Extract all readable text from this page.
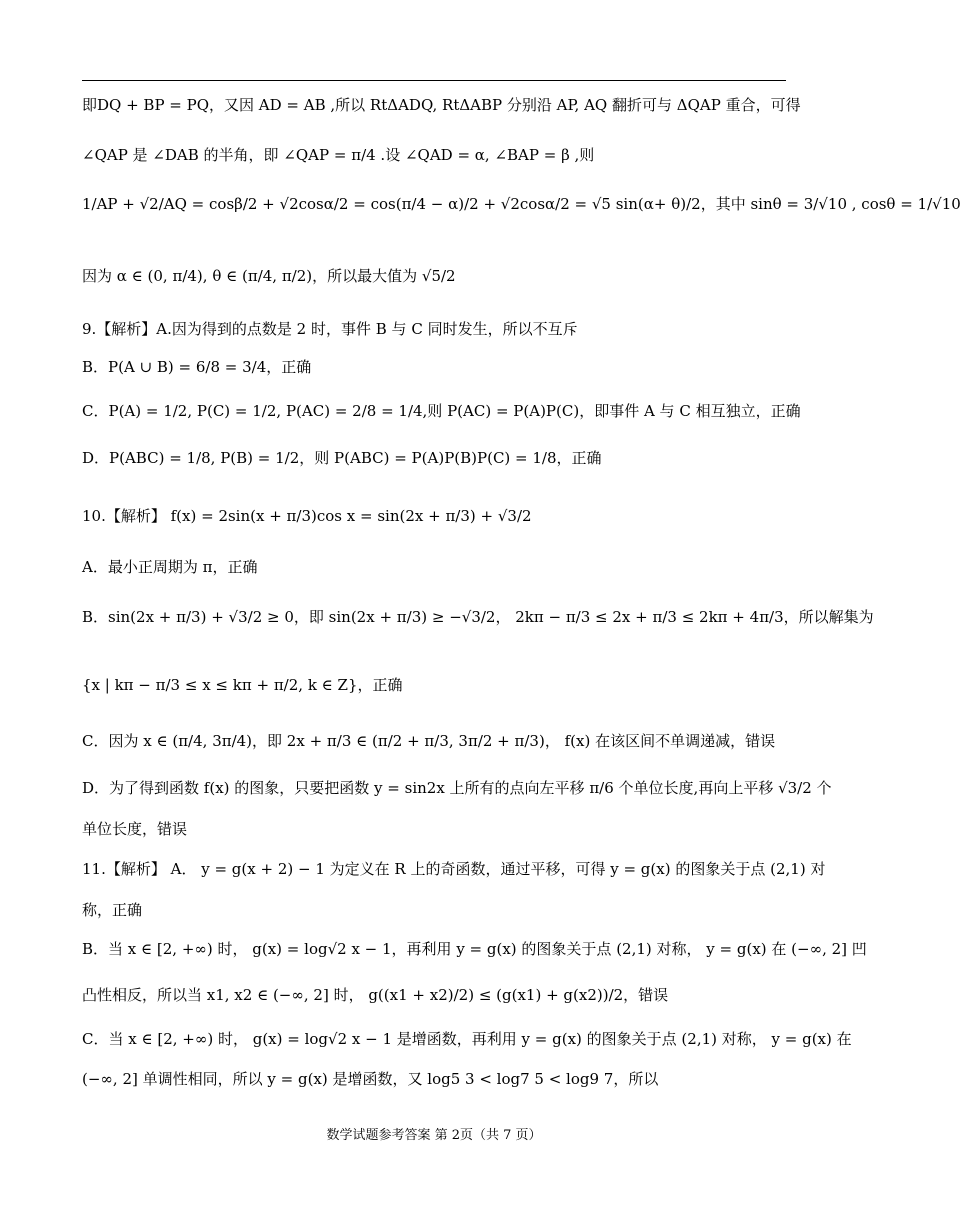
即DQ + BP = PQ，又因 AD = AB ,所以 RtΔADQ, RtΔABP 分别沿 AP, AQ 翻折可与 ΔQAP 重合，可得
∠QAP 是 ∠DAB 的半角，即 ∠QAP = π/4 .设 ∠QAD = α, ∠BAP = β ,则
1/AP + √2/AQ = cosβ/2 + √2cosα/2 = cos(π/4 − α)/2 + √2cosα/2 = √5 sin(α+ θ)/2，其中 sinθ = 3/√10 , cosθ = 1/√10
因为 α ∈ (0, π/4), θ ∈ (π/4, π/2)，所以最大值为 √5/2
9.【解析】A.因为得到的点数是 2 时，事件 B 与 C 同时发生，所以不互斥
B．P(A ∪ B) = 6/8 = 3/4，正确
C．P(A) = 1/2, P(C) = 1/2, P(AC) = 2/8 = 1/4,则 P(AC) = P(A)P(C)，即事件 A 与 C 相互独立，正确
D．P(ABC) = 1/8, P(B) = 1/2，则 P(ABC) = P(A)P(B)P(C) = 1/8，正确
10.【解析】 f(x) = 2sin(x + π/3)cos x = sin(2x + π/3) + √3/2
A．最小正周期为 π，正确
B．sin(2x + π/3) + √3/2 ≥ 0，即 sin(2x + π/3) ≥ −√3/2， 2kπ − π/3 ≤ 2x + π/3 ≤ 2kπ + 4π/3，所以解集为
{x | kπ − π/3 ≤ x ≤ kπ + π/2, k ∈ Z}，正确
C．因为 x ∈ (π/4, 3π/4)，即 2x + π/3 ∈ (π/2 + π/3, 3π/2 + π/3)， f(x) 在该区间不单调递减，错误
D．为了得到函数 f(x) 的图象，只要把函数 y = sin2x 上所有的点向左平移 π/6 个单位长度,再向上平移 √3/2 个
单位长度，错误
11.【解析】 A． y = g(x + 2) − 1 为定义在 R 上的奇函数，通过平移，可得 y = g(x) 的图象关于点 (2,1) 对
称，正确
B．当 x ∈ [2, +∞) 时， g(x) = log√2 x − 1，再利用 y = g(x) 的图象关于点 (2,1) 对称， y = g(x) 在 (−∞, 2] 凹
凸性相反，所以当 x1, x2 ∈ (−∞, 2] 时， g((x1 + x2)/2) ≤ (g(x1) + g(x2))/2，错误
C．当 x ∈ [2, +∞) 时， g(x) = log√2 x − 1 是增函数，再利用 y = g(x) 的图象关于点 (2,1) 对称， y = g(x) 在
(−∞, 2] 单调性相同，所以 y = g(x) 是增函数，又 log5 3 < log7 5 < log9 7，所以
数学试题参考答案 第 2页（共 7 页）
